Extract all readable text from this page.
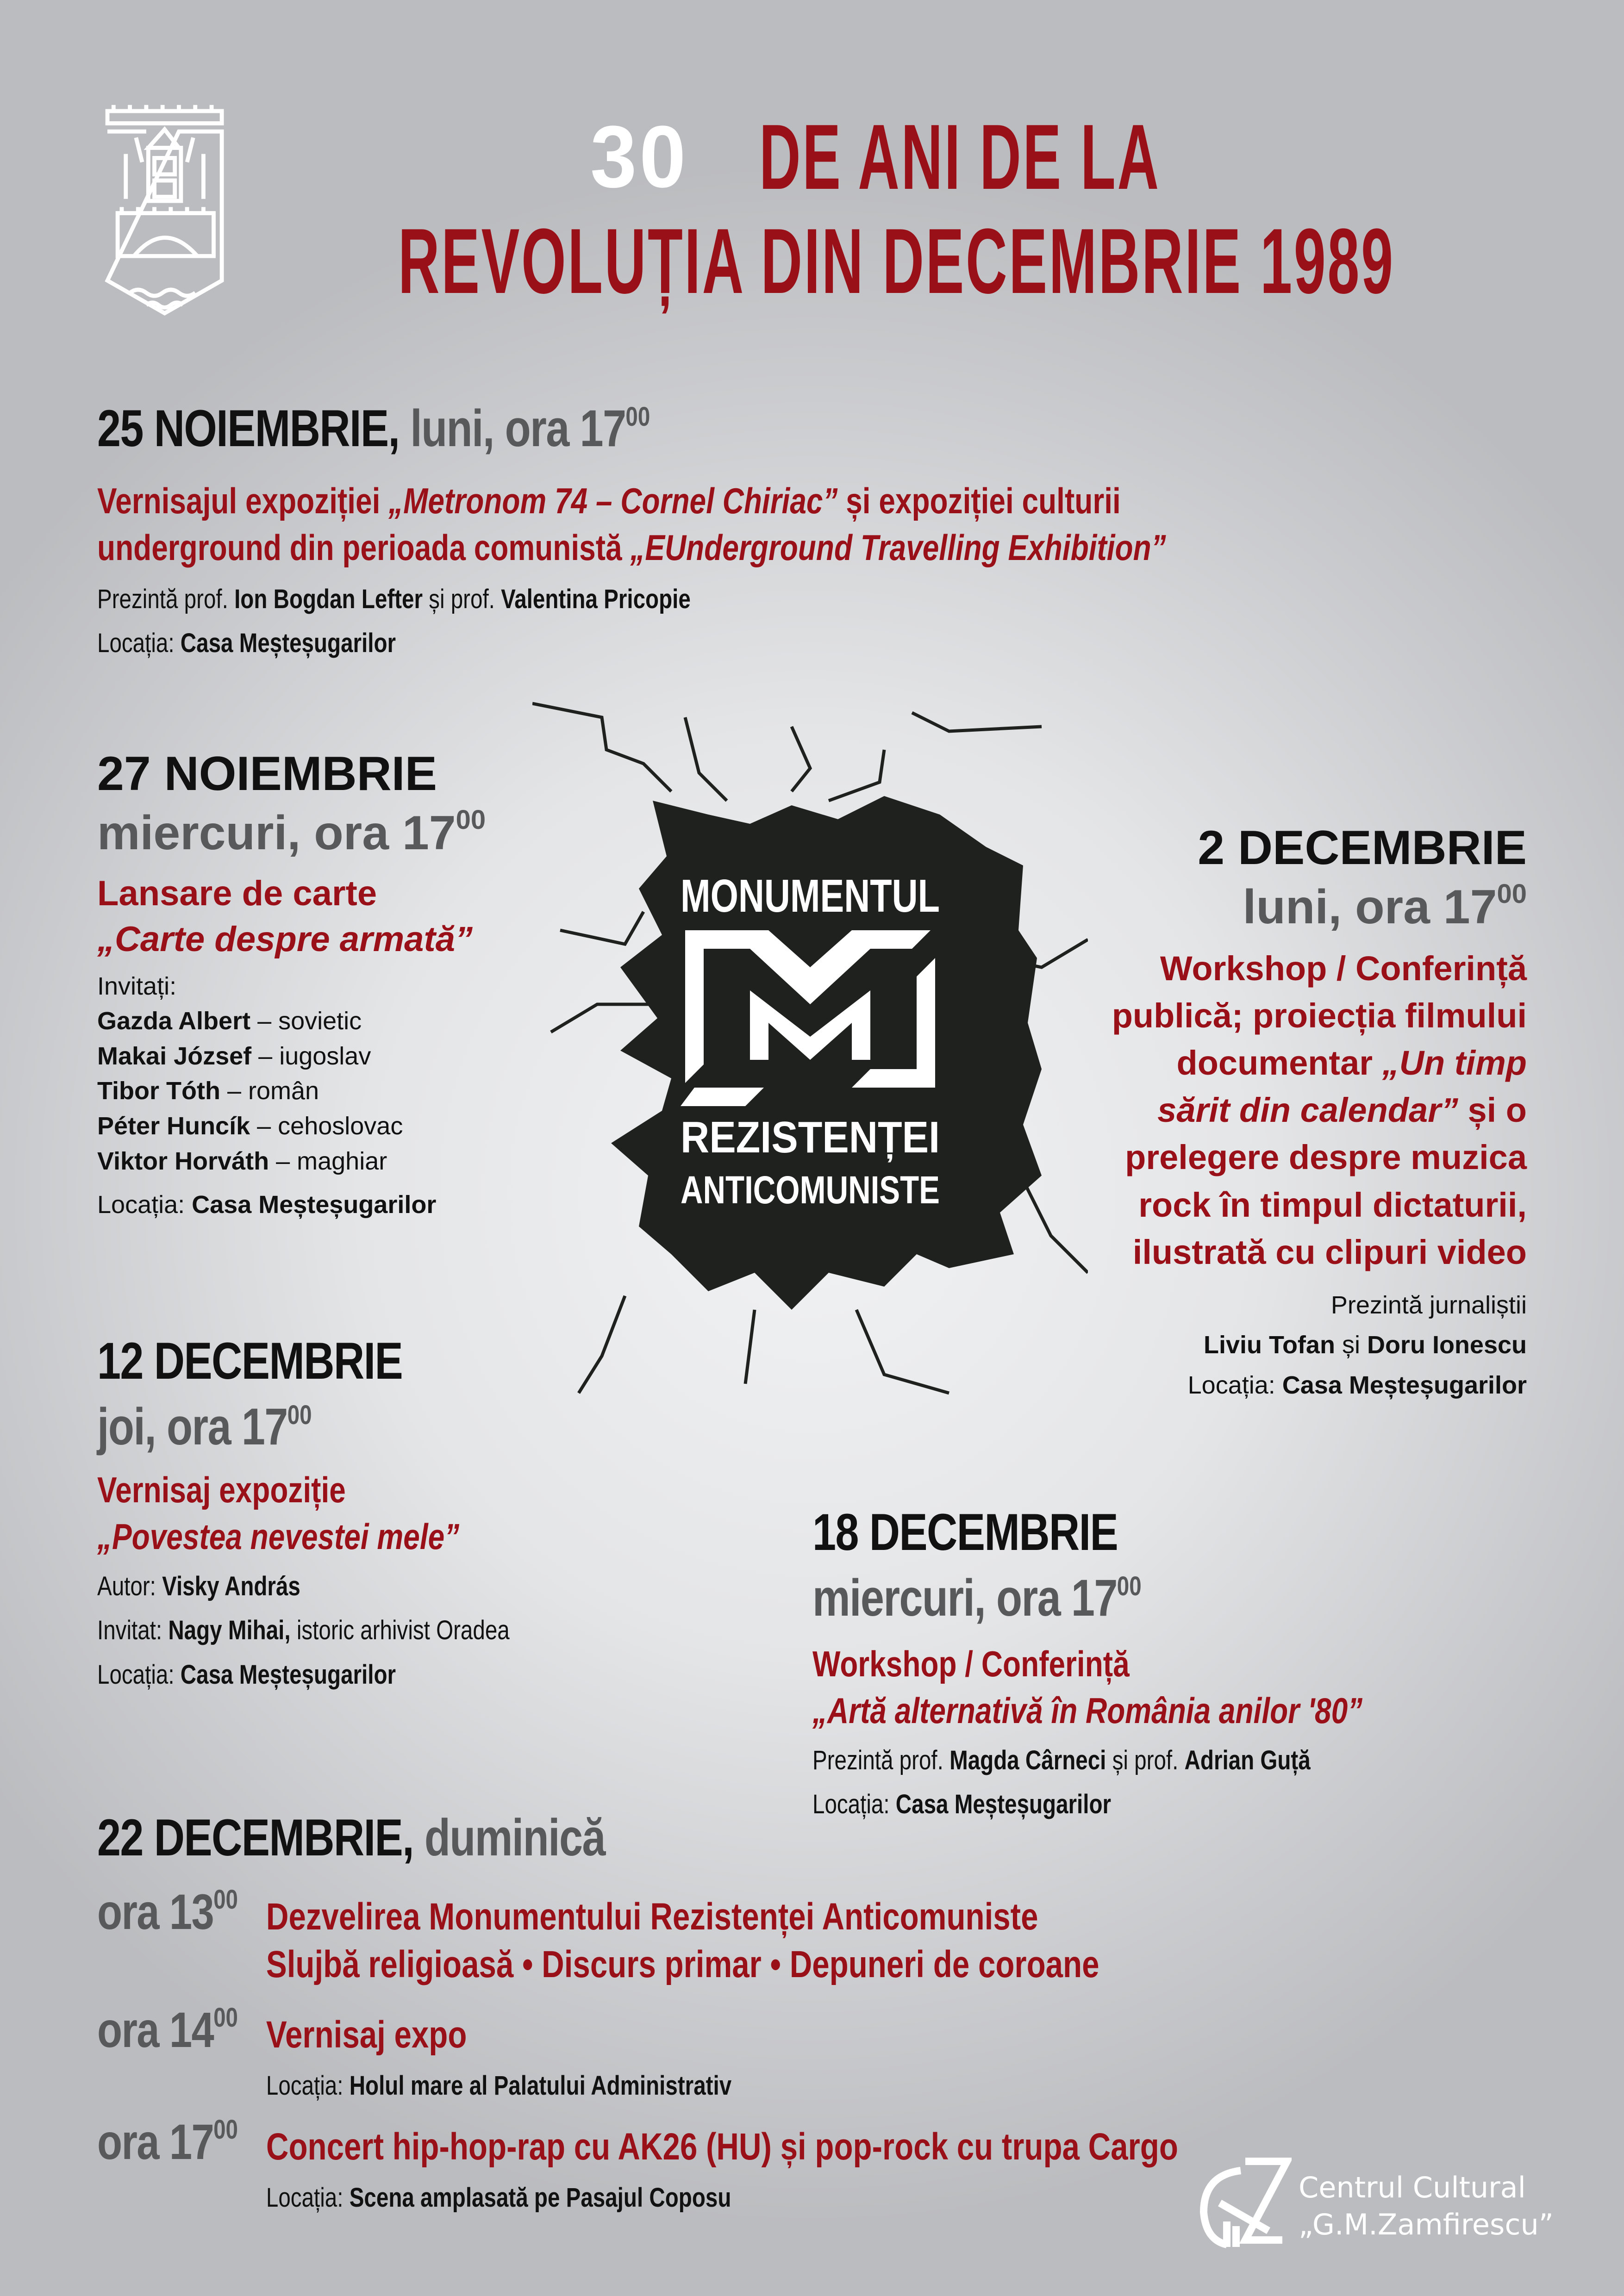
30 DE ANI DE LA
REVOLUȚIA DIN DECEMBRIE 1989
MONUMENTUL
REZISTENȚEI
ANTICOMUNISTE
25 NOIEMBRIE, luni, ora $17^{00}$
Vernisajul expoziției „Metronom 74 – Cornel Chiriac” și expoziției culturii
underground din perioada comunistă „EUnderground Travelling Exhibition”
Prezintă prof. Ion Bogdan Lefter și prof. Valentina Pricopie
Locația: Casa Meșteșugarilor
27 NOIEMBRIE
miercuri, ora $17^{00}$
Lansare de carte
„Carte despre armată”
Invitați:
Gazda Albert – sovietic
Makai József – iugoslav
Tibor Tóth – român
Péter Huncík – cehoslovac
Viktor Horváth – maghiar
Locația: Casa Meșteșugarilor
2 DECEMBRIE
luni, ora $17^{00}$
Workshop / Conferință
publică; proiecția filmului
documentar „Un timp
sărit din calendar” și o
prelegere despre muzica
rock în timpul dictaturii,
ilustrată cu clipuri video
Prezintă jurnaliștii
Liviu Tofan și Doru Ionescu
Locația: Casa Meșteșugarilor
12 DECEMBRIE
joi, ora $17^{00}$
Vernisaj expoziție
„Povestea nevestei mele”
Autor: Visky András
Invitat: Nagy Mihai, istoric arhivist Oradea
Locația: Casa Meșteșugarilor
18 DECEMBRIE
miercuri, ora $17^{00}$
Workshop / Conferință
„Artă alternativă în România anilor '80”
Prezintă prof. Magda Cârneci și prof. Adrian Guță
Locația: Casa Meșteșugarilor
22 DECEMBRIE, duminică
ora $13^{00}$ Dezvelirea Monumentului Rezistenței Anticomuniste
Slujbă religioasă • Discurs primar • Depuneri de coroane
ora $14^{00}$ Vernisaj expo
Locația: Holul mare al Palatului Administrativ
ora $17^{00}$ Concert hip-hop-rap cu AK26 (HU) și pop-rock cu trupa Cargo
Locația: Scena amplasată pe Pasajul Coposu	Centrul Cultural
„G.M.Zamfirescu”
